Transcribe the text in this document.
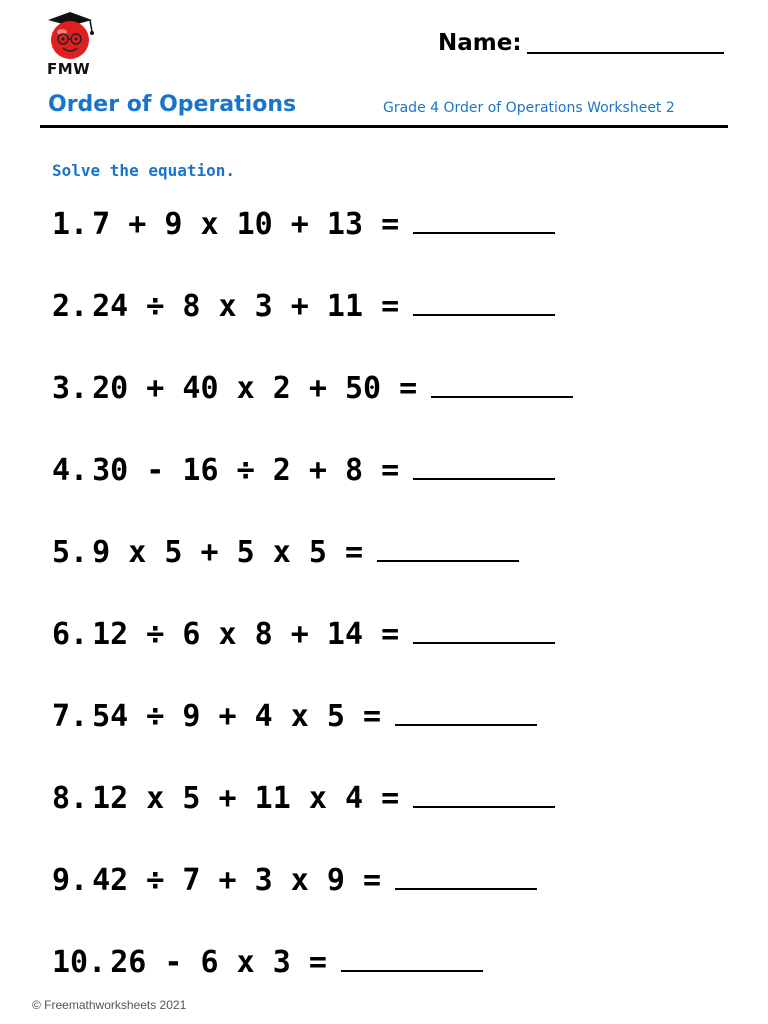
FMW
Name:
Order of Operations	Grade 4 Order of Operations Worksheet 2
Solve the equation.
1. 7 + 9 x 10 + 13 =
2. 24 ÷ 8 x 3 + 11 =
3. 20 + 40 x 2 + 50 =
4. 30 - 16 ÷ 2 + 8 =
5. 9 x 5 + 5 x 5 =
6. 12 ÷ 6 x 8 + 14 =
7. 54 ÷ 9 + 4 x 5 =
8. 12 x 5 + 11 x 4 =
9. 42 ÷ 7 + 3 x 9 =
10. 26 - 6 x 3 =
© Freemathworksheets 2021
